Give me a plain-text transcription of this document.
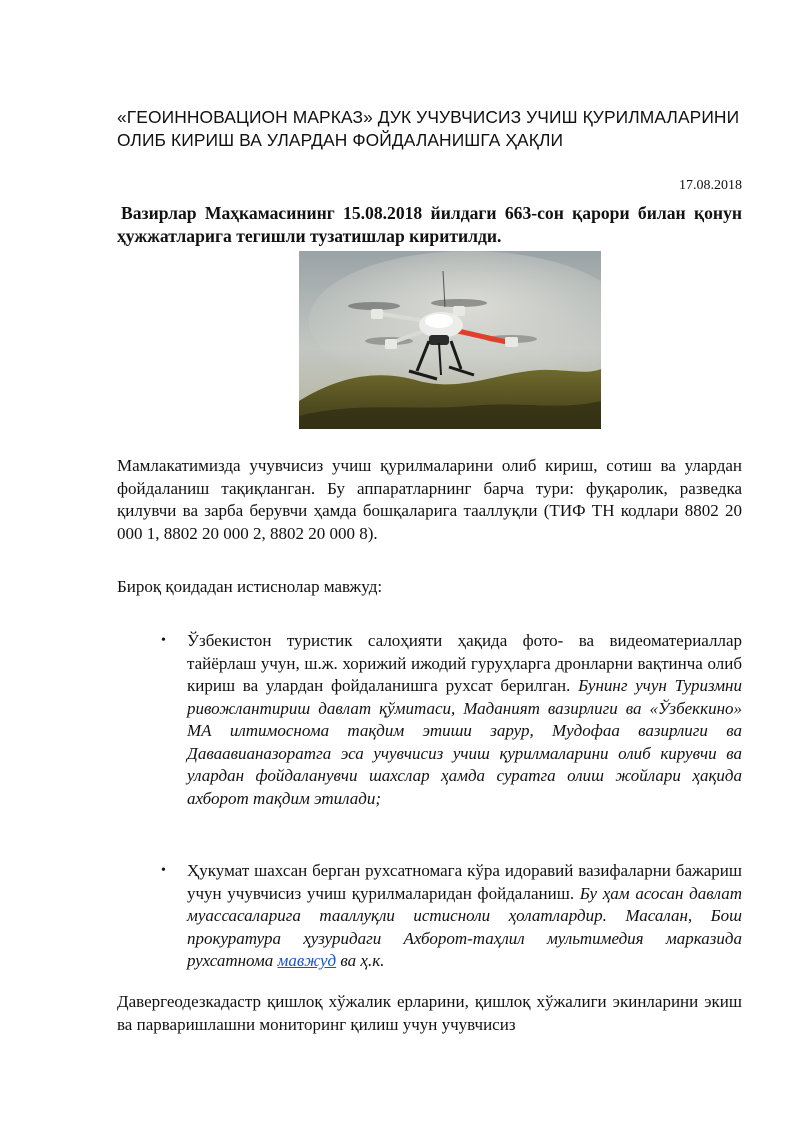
«ГЕОИННОВАЦИОН МАРКАЗ» ДУК УЧУВЧИСИЗ УЧИШ ҚУРИЛМАЛАРИНИ ОЛИБ КИРИШ ВА УЛАРДАН ФОЙДАЛАНИШГА ҲАҚЛИ
17.08.2018

Вазирлар Маҳкамасининг 15.08.2018 йилдаги 663-сон қарори билан қонун ҳужжатларига тегишли тузатишлар киритилди.

Мамлакатимизда учувчисиз учиш қурилмаларини олиб кириш, сотиш ва улардан фойдаланиш тақиқланган. Бу аппаратларнинг барча тури: фуқаролик, разведка қилувчи ва зарба берувчи ҳамда бошқаларига таaллуқли (ТИФ ТН кодлари 8802 20 000 1, 8802 20 000 2, 8802 20 000 8).

Бироқ қоидадан истиснолар мавжуд:

• Ўзбекистон туристик салоҳияти ҳақида фото- ва видеоматериаллар тайёрлаш учун, ш.ж. хорижий ижодий гуруҳларга дронларни вақтинча олиб кириш ва улардан фойдаланишга рухсат берилган. Бунинг учун Туризмни ривожлантириш давлат қўмитаси, Маданият вазирлиги ва «Ўзбеккино» МА илтимоснома тақдим этиши зарур, Мудофаа вазирлиги ва Даваавианазоратга эса учувчисиз учиш қурилмаларини олиб кирувчи ва улардан фойдаланувчи шахслар ҳамда суратга олиш жойлари ҳақида ахборот тақдим этилади;
• Ҳукумат шахсан берган рухсатномага кўра идоравий вазифаларни бажариш учун учувчисиз учиш қурилмаларидан фойдаланиш. Бу ҳам асосан давлат муассасаларига тааллуқли истисноли ҳолатлардир. Масалан, Бош прокуратура ҳузуридаги Ахборот-таҳлил мультимедия марказида рухсатнома мавжуд ва ҳ.к.

Давергеодезкадастр қишлоқ хўжалик ерларини, қишлоқ хўжалиги экинларини экиш ва парваришлашни мониторинг қилиш учун учувчисиз
